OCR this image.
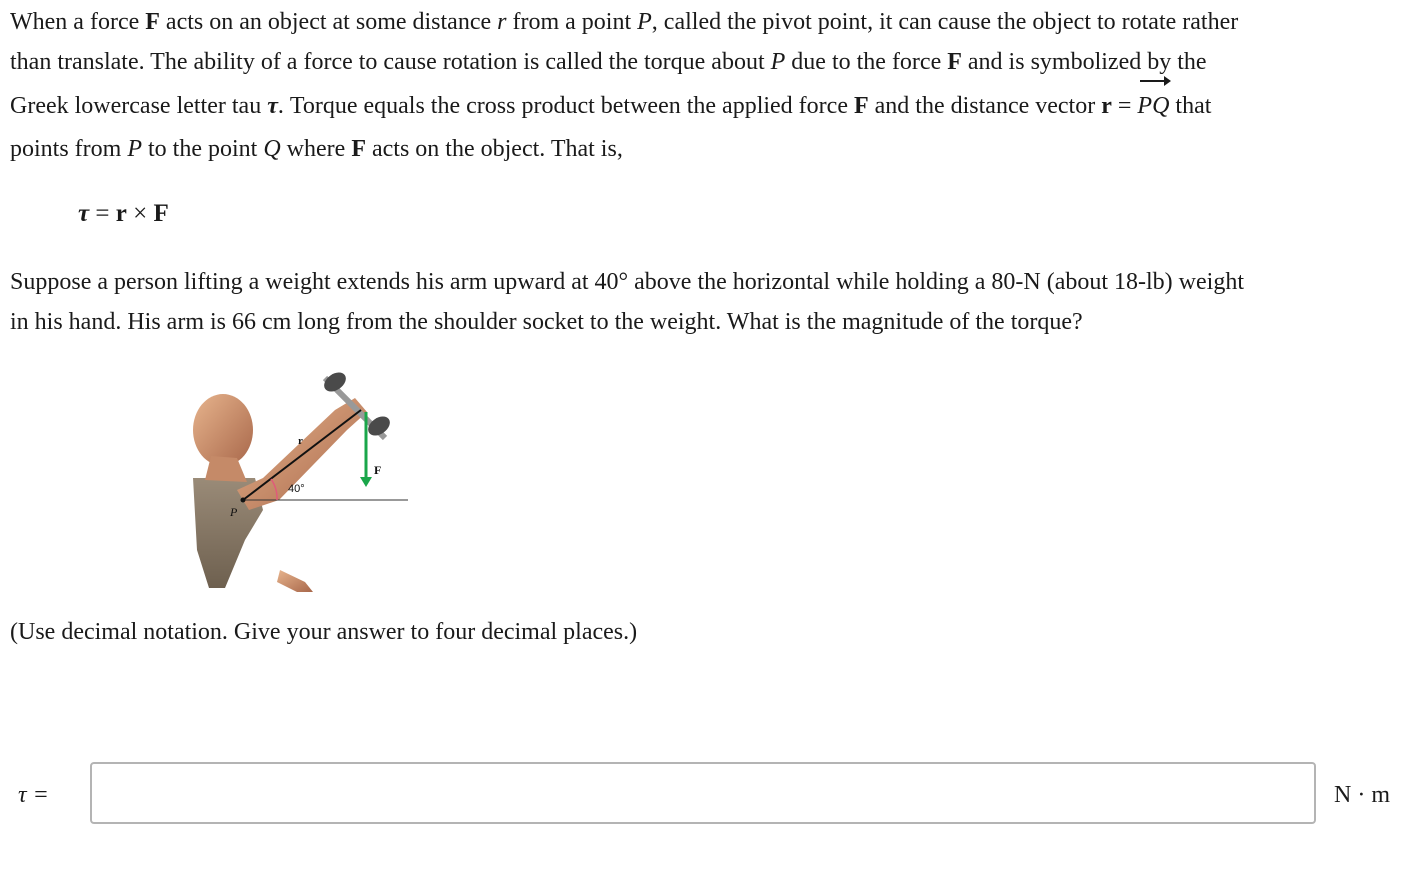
When a force F acts on an object at some distance r from a point P, called the pivot point, it can cause the object to rotate rather
than translate. The ability of a force to cause rotation is called the torque about P due to the force F and is symbolized by the
Greek lowercase letter tau τ. Torque equals the cross product between the applied force F and the distance vector r = PQ that
points from P to the point Q where F acts on the object. That is,

τ = r × F

Suppose a person lifting a weight extends his arm upward at 40° above the horizontal while holding a 80-N (about 18-lb) weight
in his hand. His arm is 66 cm long from the shoulder socket to the weight. What is the magnitude of the torque?

r
F
40°
P

(Use decimal notation. Give your answer to four decimal places.)

τ =	N · m
